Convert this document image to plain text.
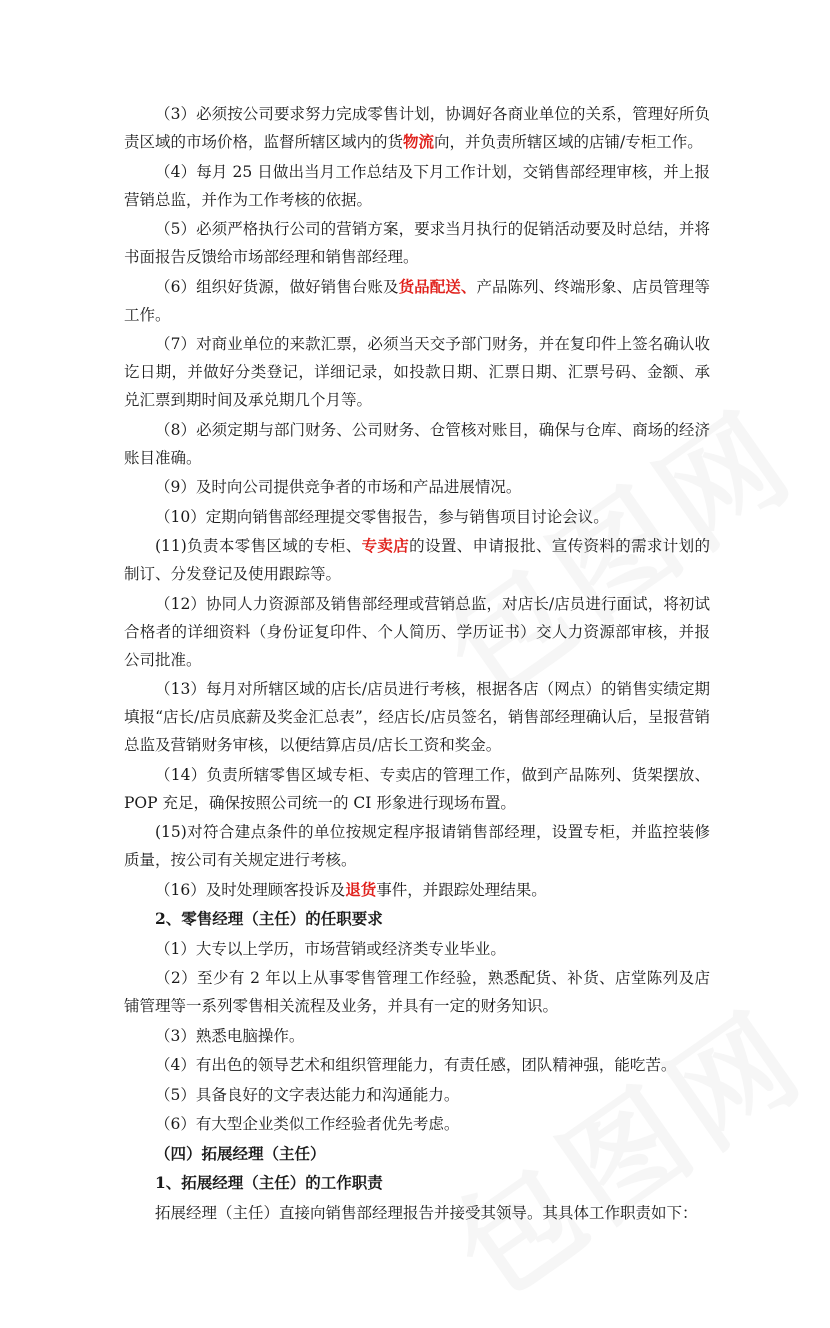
（3）必须按公司要求努力完成零售计划，协调好各商业单位的关系，管理好所负责区域的市场价格，监督所辖区域内的货物流向，并负责所辖区域的店铺/专柜工作。

（4）每月 25 日做出当月工作总结及下月工作计划，交销售部经理审核，并上报营销总监，并作为工作考核的依据。

（5）必须严格执行公司的营销方案，要求当月执行的促销活动要及时总结，并将书面报告反馈给市场部经理和销售部经理。

（6）组织好货源，做好销售台账及货品配送、产品陈列、终端形象、店员管理等工作。

（7）对商业单位的来款汇票，必须当天交予部门财务，并在复印件上签名确认收讫日期，并做好分类登记，详细记录，如投款日期、汇票日期、汇票号码、金额、承兑汇票到期时间及承兑期几个月等。

（8）必须定期与部门财务、公司财务、仓管核对账目，确保与仓库、商场的经济账目准确。

（9）及时向公司提供竞争者的市场和产品进展情况。

（10）定期向销售部经理提交零售报告，参与销售项目讨论会议。

(11)负责本零售区域的专柜、专卖店的设置、申请报批、宣传资料的需求计划的制订、分发登记及使用跟踪等。

（12）协同人力资源部及销售部经理或营销总监，对店长/店员进行面试，将初试合格者的详细资料（身份证复印件、个人简历、学历证书）交人力资源部审核，并报公司批准。

（13）每月对所辖区域的店长/店员进行考核，根据各店（网点）的销售实绩定期填报“店长/店员底薪及奖金汇总表”，经店长/店员签名，销售部经理确认后，呈报营销总监及营销财务审核，以便结算店员/店长工资和奖金。

（14）负责所辖零售区域专柜、专卖店的管理工作，做到产品陈列、货架摆放、POP 充足，确保按照公司统一的 CI 形象进行现场布置。

(15)对符合建点条件的单位按规定程序报请销售部经理，设置专柜，并监控装修质量，按公司有关规定进行考核。

（16）及时处理顾客投诉及退货事件，并跟踪处理结果。

2、零售经理（主任）的任职要求

（1）大专以上学历，市场营销或经济类专业毕业。

（2）至少有 2 年以上从事零售管理工作经验，熟悉配货、补货、店堂陈列及店铺管理等一系列零售相关流程及业务，并具有一定的财务知识。

（3）熟悉电脑操作。

（4）有出色的领导艺术和组织管理能力，有责任感，团队精神强，能吃苦。

（5）具备良好的文字表达能力和沟通能力。

（6）有大型企业类似工作经验者优先考虑。

（四）拓展经理（主任）

1、拓展经理（主任）的工作职责

拓展经理（主任）直接向销售部经理报告并接受其领导。其具体工作职责如下：
